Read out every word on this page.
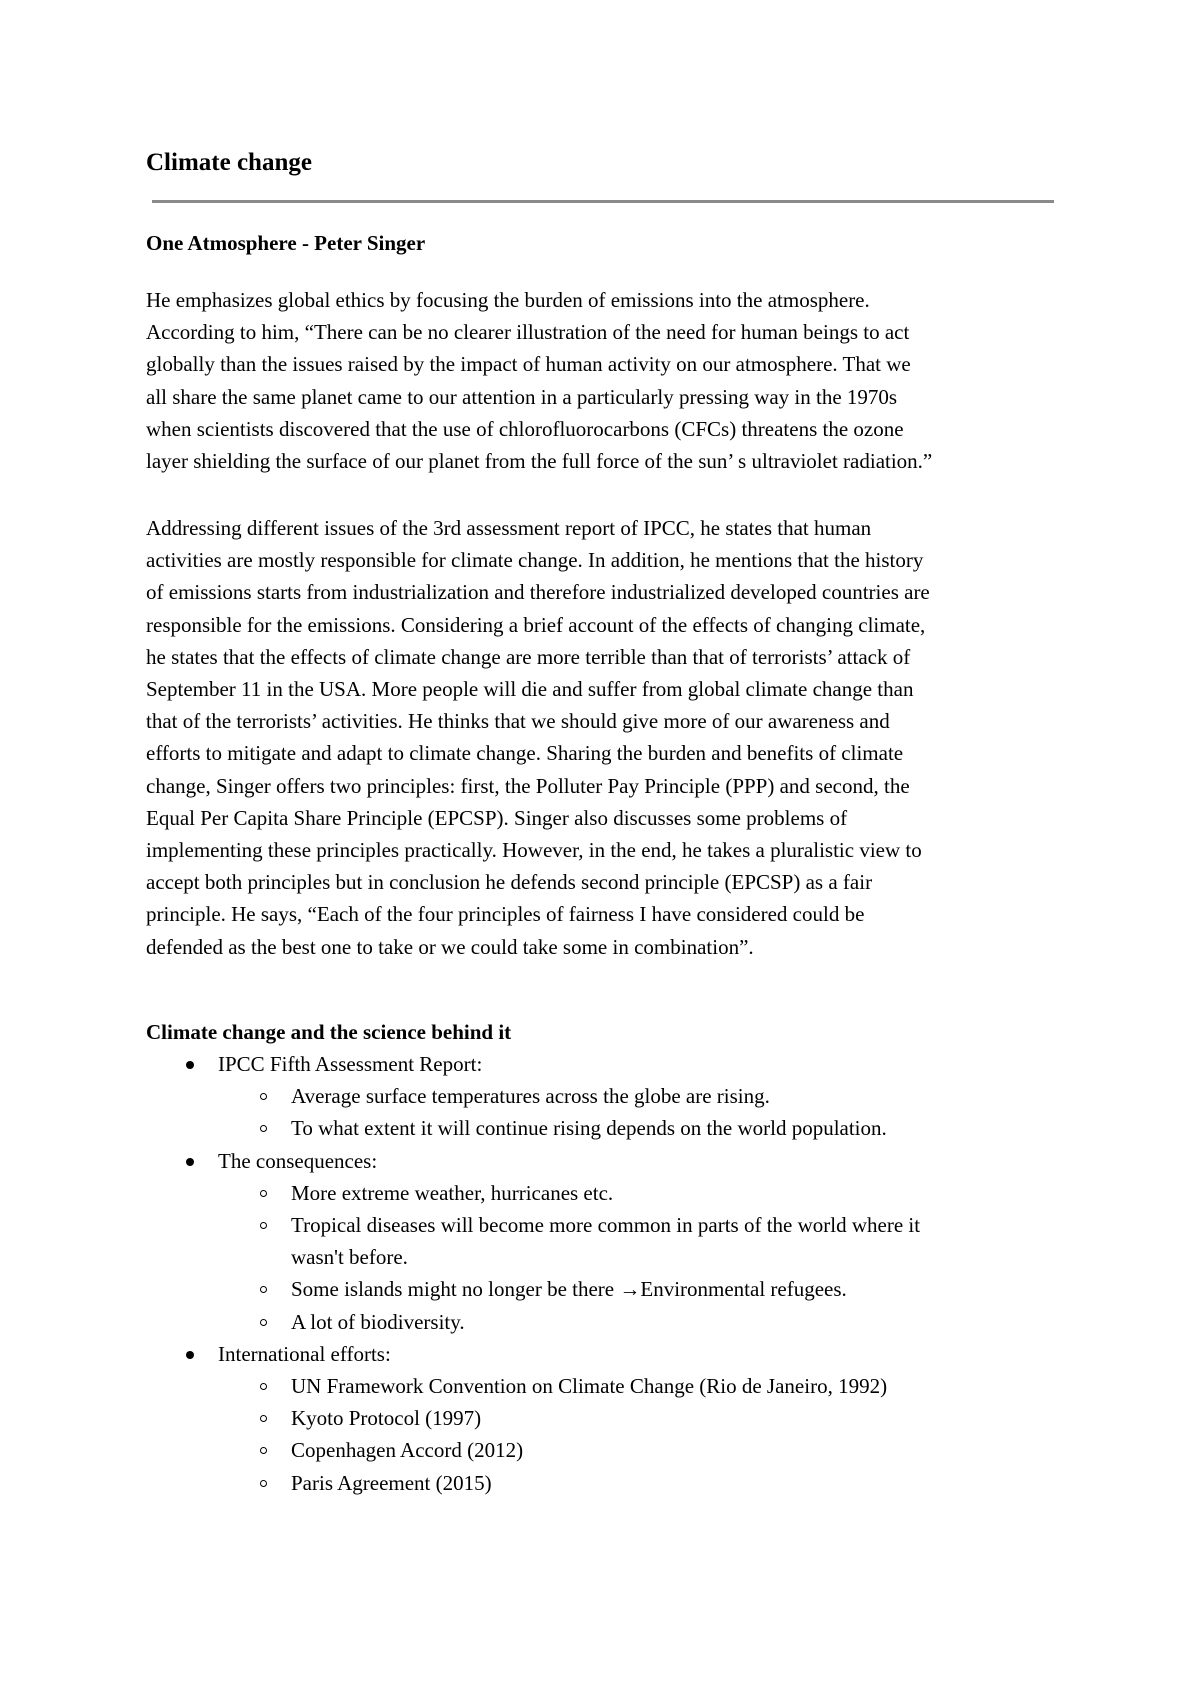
Climate change
One Atmosphere - Peter Singer

He emphasizes global ethics by focusing the burden of emissions into the atmosphere.
According to him, “There can be no clearer illustration of the need for human beings to act
globally than the issues raised by the impact of human activity on our atmosphere. That we
all share the same planet came to our attention in a particularly pressing way in the 1970s
when scientists discovered that the use of chlorofluorocarbons (CFCs) threatens the ozone
layer shielding the surface of our planet from the full force of the sun’ s ultraviolet radiation.”

Addressing different issues of the 3rd assessment report of IPCC, he states that human
activities are mostly responsible for climate change. In addition, he mentions that the history
of emissions starts from industrialization and therefore industrialized developed countries are
responsible for the emissions. Considering a brief account of the effects of changing climate,
he states that the effects of climate change are more terrible than that of terrorists’ attack of
September 11 in the USA. More people will die and suffer from global climate change than
that of the terrorists’ activities. He thinks that we should give more of our awareness and
efforts to mitigate and adapt to climate change. Sharing the burden and benefits of climate
change, Singer offers two principles: first, the Polluter Pay Principle (PPP) and second, the
Equal Per Capita Share Principle (EPCSP). Singer also discusses some problems of
implementing these principles practically. However, in the end, he takes a pluralistic view to
accept both principles but in conclusion he defends second principle (EPCSP) as a fair
principle. He says, “Each of the four principles of fairness I have considered could be
defended as the best one to take or we could take some in combination”.

Climate change and the science behind it
IPCC Fifth Assessment Report:
Average surface temperatures across the globe are rising.
To what extent it will continue rising depends on the world population.
The consequences:
More extreme weather, hurricanes etc.
Tropical diseases will become more common in parts of the world where it
wasn't before.
Some islands might no longer be there →Environmental refugees.
A lot of biodiversity.
International efforts:
UN Framework Convention on Climate Change (Rio de Janeiro, 1992)
Kyoto Protocol (1997)
Copenhagen Accord (2012)
Paris Agreement (2015)
